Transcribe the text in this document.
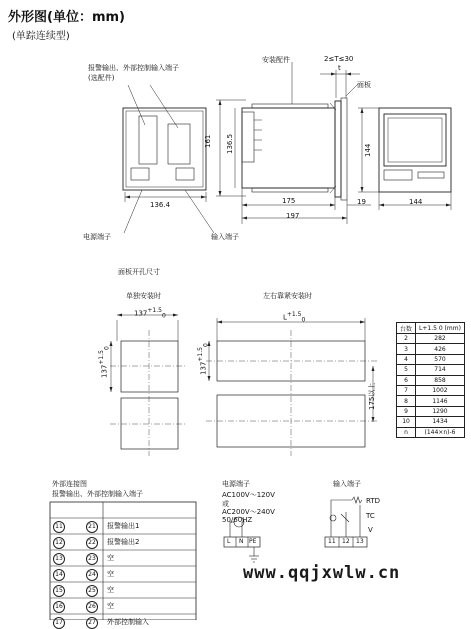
外形图(单位：mm)
(单踪连续型)
报警输出、外部控制输入端子
(选配件)
安装配件	2≤T≤30
t
面板
电源端子	输入端子
136.4
161 136.5
175
197
19	144
144
面板开孔尺寸
单独安装时	左右靠紧安装时
$137^{+1.5}_0$
$137^{+1.5}_0$
$L^{+1.5}_0$
$137^{+1.5}_0$
175以上
台数	L+1.5 0 (mm)
2	282
3	426
4	570
5	714
6	858
7	1002
8	1146
9	1290
10	1434
n	(144×n)-6
外部连接图
报警输出、外部控制输入端子
11	21	报警输出1
12	22	报警输出2
13	23	空
14	24	空
15	25	空
16	26	空
17	27	外部控制输入
电源端子
AC100V～120V
或
AC200V～240V
50/60HZ
L N PE
输入端子
RTD
TC
V
11 12 13
www.qqjxwlw.cn
